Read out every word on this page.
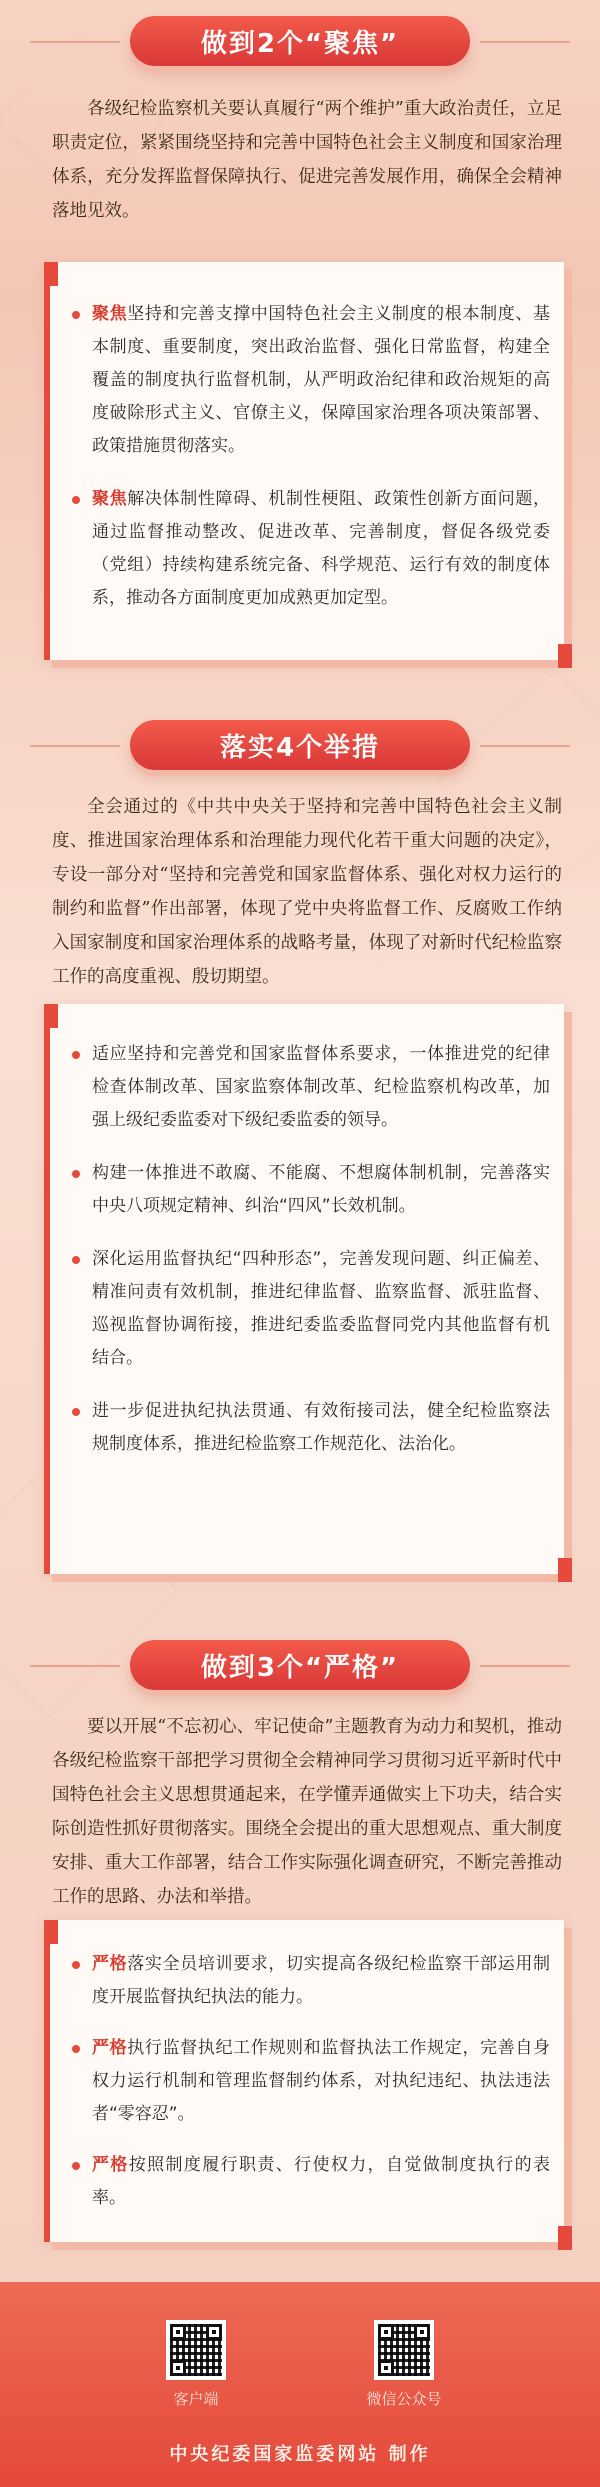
做到2个“聚焦”
各级纪检监察机关要认真履行“两个维护”重大政治责任，立足职责定位，紧紧围绕坚持和完善中国特色社会主义制度和国家治理体系，充分发挥监督保障执行、促进完善发展作用，确保全会精神落地见效。
聚焦坚持和完善支撑中国特色社会主义制度的根本制度、基本制度、重要制度，突出政治监督、强化日常监督，构建全覆盖的制度执行监督机制，从严明政治纪律和政治规矩的高度破除形式主义、官僚主义，保障国家治理各项决策部署、政策措施贯彻落实。
聚焦解决体制性障碍、机制性梗阻、政策性创新方面问题，通过监督推动整改、促进改革、完善制度，督促各级党委（党组）持续构建系统完备、科学规范、运行有效的制度体系，推动各方面制度更加成熟更加定型。
落实4个举措
全会通过的《中共中央关于坚持和完善中国特色社会主义制度、推进国家治理体系和治理能力现代化若干重大问题的决定》，专设一部分对“坚持和完善党和国家监督体系、强化对权力运行的制约和监督”作出部署，体现了党中央将监督工作、反腐败工作纳入国家制度和国家治理体系的战略考量，体现了对新时代纪检监察工作的高度重视、殷切期望。
适应坚持和完善党和国家监督体系要求，一体推进党的纪律检查体制改革、国家监察体制改革、纪检监察机构改革，加强上级纪委监委对下级纪委监委的领导。
构建一体推进不敢腐、不能腐、不想腐体制机制，完善落实中央八项规定精神、纠治“四风”长效机制。
深化运用监督执纪“四种形态”，完善发现问题、纠正偏差、精准问责有效机制，推进纪律监督、监察监督、派驻监督、巡视监督协调衔接，推进纪委监委监督同党内其他监督有机结合。
进一步促进执纪执法贯通、有效衔接司法，健全纪检监察法规制度体系，推进纪检监察工作规范化、法治化。
做到3个“严格”
要以开展“不忘初心、牢记使命”主题教育为动力和契机，推动各级纪检监察干部把学习贯彻全会精神同学习贯彻习近平新时代中国特色社会主义思想贯通起来，在学懂弄通做实上下功夫，结合实际创造性抓好贯彻落实。围绕全会提出的重大思想观点、重大制度安排、重大工作部署，结合工作实际强化调查研究，不断完善推动工作的思路、办法和举措。
严格落实全员培训要求，切实提高各级纪检监察干部运用制度开展监督执纪执法的能力。
严格执行监督执纪工作规则和监督执法工作规定，完善自身权力运行机制和管理监督制约体系，对执纪违纪、执法违法者“零容忍”。
严格按照制度履行职责、行使权力，自觉做制度执行的表率。
客户端	微信公众号
中央纪委国家监委网站 制作
